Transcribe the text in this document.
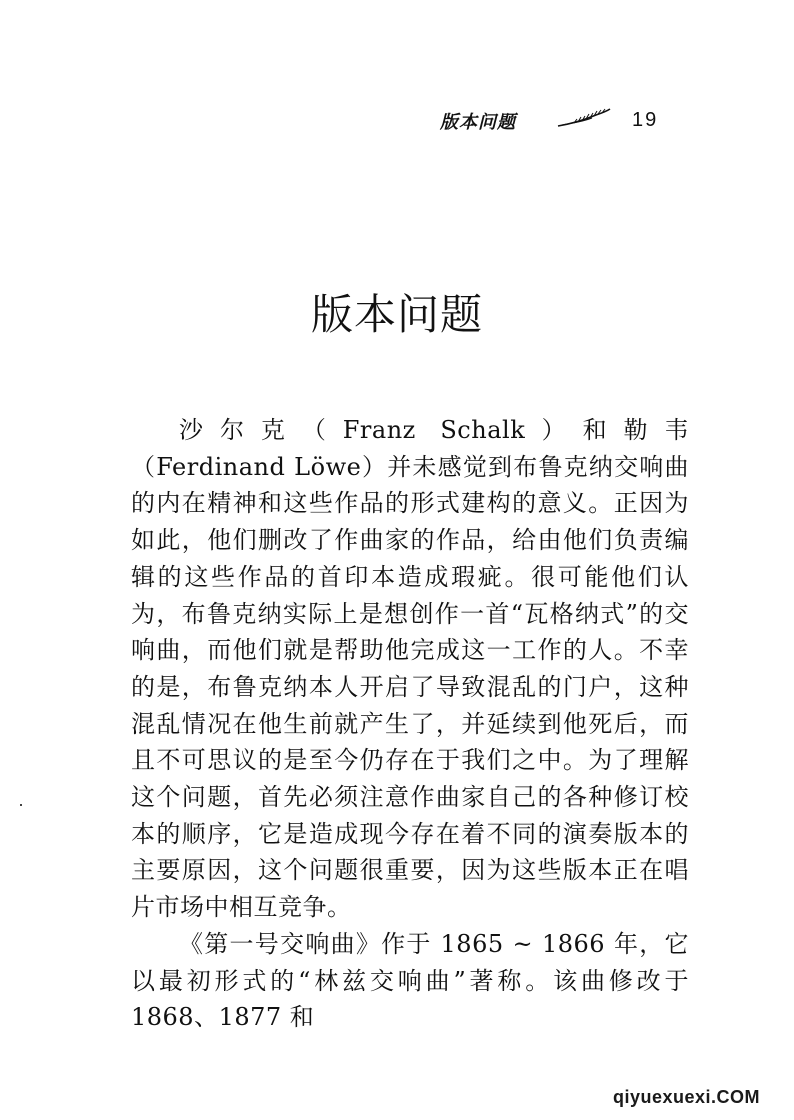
版本问题	19
版本问题

沙尔克（Franz Schalk）和勒韦（Ferdinand Löwe）并未感觉到布鲁克纳交响曲的内在精神和这些作品的形式建构的意义。正因为如此，他们删改了作曲家的作品，给由他们负责编辑的这些作品的首印本造成瑕疵。很可能他们认为，布鲁克纳实际上是想创作一首“瓦格纳式”的交响曲，而他们就是帮助他完成这一工作的人。不幸的是，布鲁克纳本人开启了导致混乱的门户，这种混乱情况在他生前就产生了，并延续到他死后，而且不可思议的是至今仍存在于我们之中。为了理解这个问题，首先必须注意作曲家自己的各种修订校本的顺序，它是造成现今存在着不同的演奏版本的主要原因，这个问题很重要，因为这些版本正在唱片市场中相互竞争。

《第一号交响曲》作于 1865 ~ 1866 年，它以最初形式的“林兹交响曲”著称。该曲修改于 1868、1877 和

qiyuexuexi.COM
